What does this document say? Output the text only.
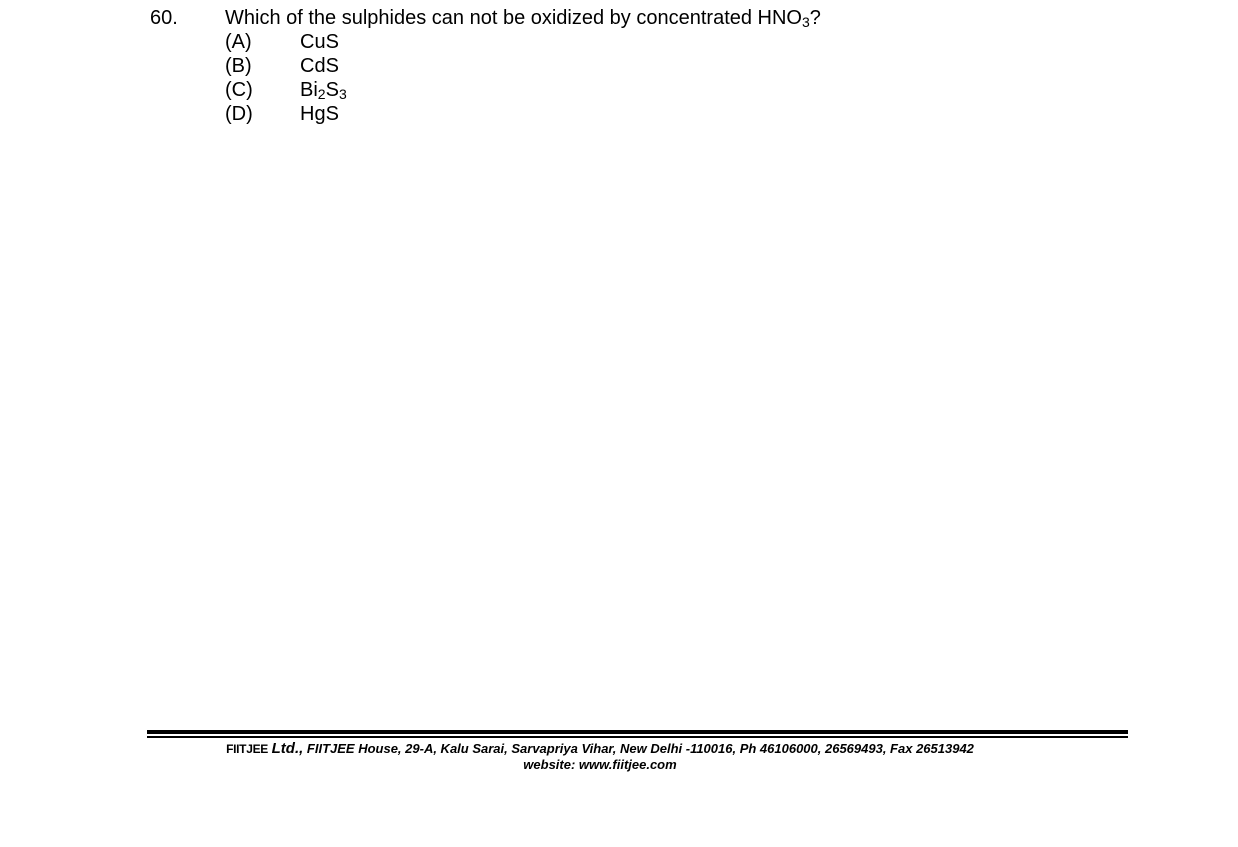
60. Which of the sulphides can not be oxidized by concentrated $HNO_3$?
(A)	CuS
(B)	CdS
(C)	$Bi_2S_3$
(D)	HgS
FIITJEE Ltd., FIITJEE House, 29-A, Kalu Sarai, Sarvapriya Vihar, New Delhi -110016, Ph 46106000, 26569493, Fax 26513942
website: www.fiitjee.com
